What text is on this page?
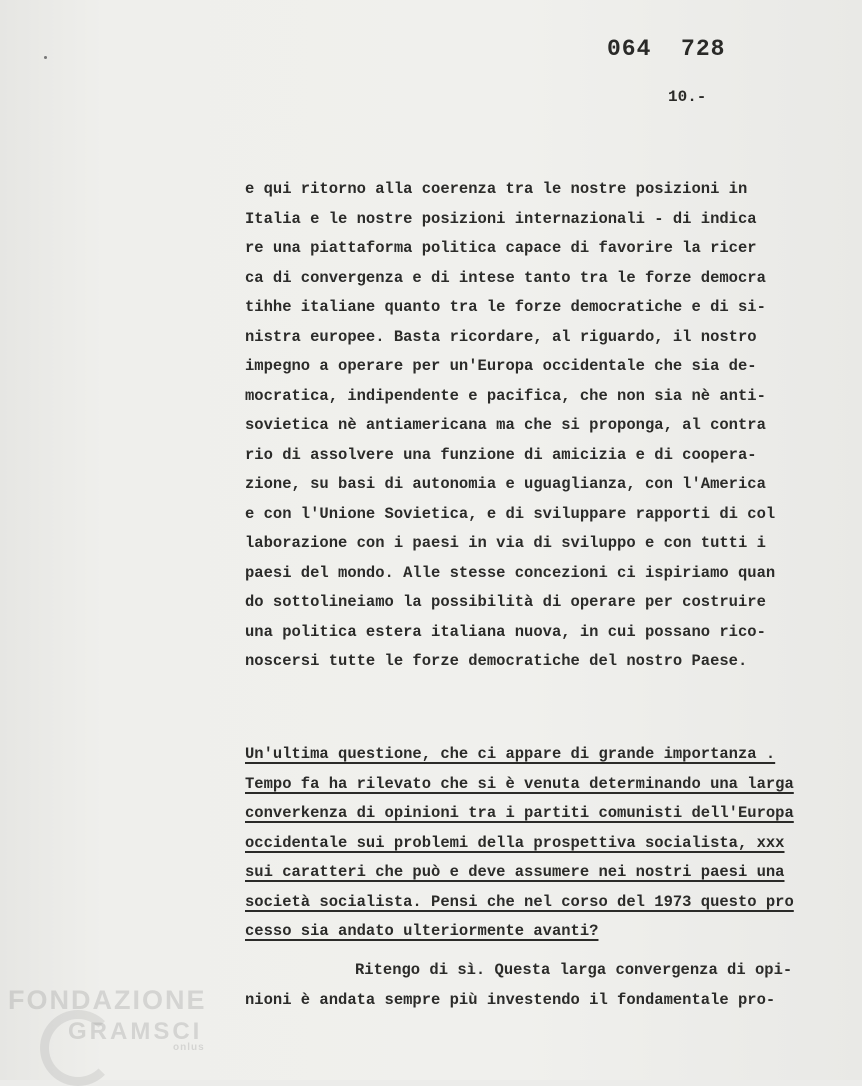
064  728
10.-
e qui ritorno alla coerenza tra le nostre posizioni in
Italia e le nostre posizioni internazionali - di indica
re una piattaforma politica capace di favorire la ricer
ca di convergenza e di intese tanto tra le forze democra
tihhe italiane quanto tra le forze democratiche e di si-
nistra europee. Basta ricordare, al riguardo, il nostro
impegno a operare per un'Europa occidentale che sia de-
mocratica, indipendente e pacifica, che non sia nè anti-
sovietica nè antiamericana ma che si proponga, al contra
rio di assolvere una funzione di amicizia e di cooperа-
zione, su basi di autonomia e uguaglianza, con l'America
e con l'Unione Sovietica, e di sviluppare rapporti di col
laborazione con i paesi in via di sviluppo e con tutti i
paesi del mondo. Alle stesse concezioni ci ispiriamo quan
do sottolineiamo la possibilità di operare per costruire
una politica estera italiana nuova, in cui possano rico-
noscersi tutte le forze democratiche del nostro Paese.
Un'ultima questione, che ci appare di grande importanza .
Tempo fa ha rilevato che si è venuta determinando una larga
converkenza di opinioni tra i partiti comunisti dell'Europa
occidentale sui problemi della prospettiva socialista, xxx
sui caratteri che può e deve assumere nei nostri paesi una
società socialista. Pensi che nel corso del 1973 questo pro
cesso sia andato ulteriormente avanti?
Ritengo di sì. Questa larga convergenza di opi-
nioni è andata sempre più investendo il fondamentale pro-
FONDAZIONE
GRAMSCI
onlus
